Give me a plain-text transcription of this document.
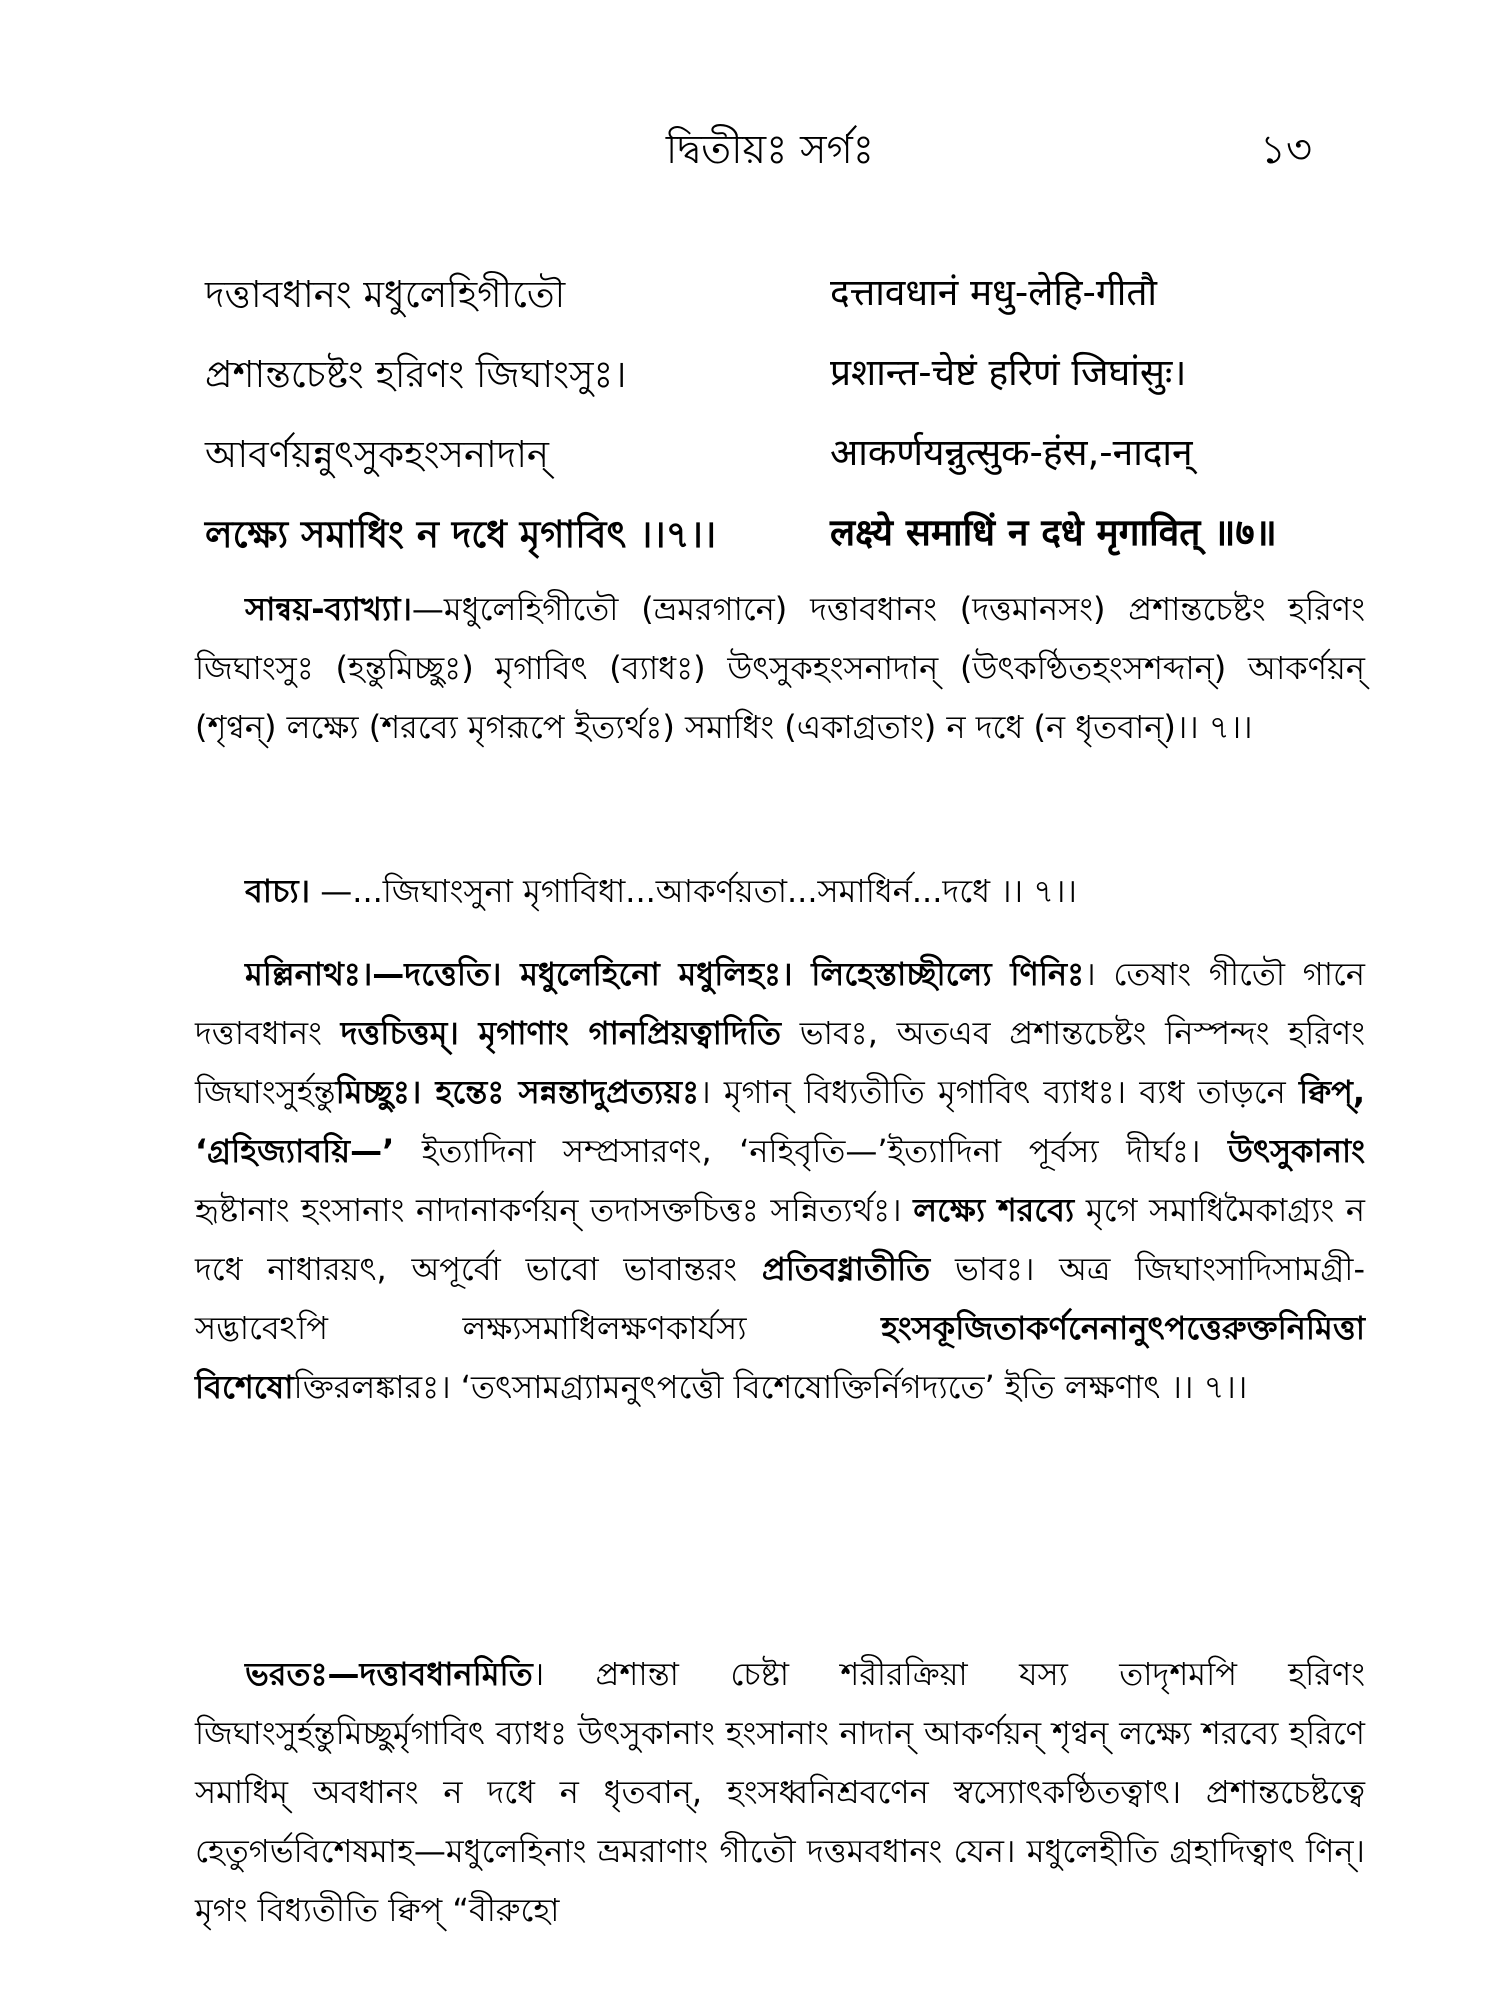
দ্বিতীয়ঃ সর্গঃ	১৩
দত্তাবধানং মধুলেহিগীতৌ	दत्तावधानं मधु-लेहि-गीतौ
প্রশান্তচেষ্টং হরিণং জিঘাংসুঃ।	प्रशान्त-चेष्टं हरिणं जिघांसुः।
আবর্ণয়ন্নুৎসুকহংসনাদান্	आकर्णयन्नुत्सुक-हंस,-नादान्
লক্ষ্যে সমাধিং ন দধে মৃগাবিৎ ।।৭।।	लक्ष्ये समाधिं न दधे मृगावित् ॥७॥

সান্বয়-ব্যাখ্যা।—মধুলেহিগীতৌ (ভ্রমরগানে) দত্তাবধানং (দত্তমানসং) প্রশান্তচেষ্টং হরিণং জিঘাংসুঃ (হন্তুমিচ্ছুঃ) মৃগাবিৎ (ব্যাধঃ) উৎসুকহংসনাদান্ (উৎকণ্ঠিতহংসশব্দান্) আকর্ণয়ন্ (শৃণ্বন্) লক্ষ্যে (শরব্যে মৃগরূপে ইত্যর্থঃ) সমাধিং (একাগ্রতাং) ন দধে (ন ধৃতবান্)।। ৭।।

বাচ্য। —...জিঘাংসুনা মৃগাবিধা...আকর্ণয়তা...সমাধির্ন...দধে ।। ৭।।

মল্লিনাথঃ।—দত্তেতি। মধুলেহিনো মধুলিহঃ। লিহেস্তাচ্ছীল্যে ণিনিঃ। তেষাং গীতৌ গানে দত্তাবধানং দত্তচিত্তম্। মৃগাণাং গানপ্রিয়ত্বাদিতি ভাবঃ, অতএব প্রশান্তচেষ্টং নিস্পন্দং হরিণং জিঘাংসুর্হন্তুমিচ্ছুঃ। হন্তেঃ সন্নন্তাদুপ্রত্যয়ঃ। মৃগান্ বিধ্যতীতি মৃগাবিৎ ব্যাধঃ। ব্যধ তাড়নে ক্বিপ্, ‘গ্রহিজ্যাবয়ি—’ ইত্যাদিনা সম্প্রসারণং, ‘নহিবৃতি—’ইত্যাদিনা পূর্বস্য দীর্ঘঃ। উৎসুকানাং হৃষ্টানাং হংসানাং নাদানাকর্ণয়ন্ তদাসক্তচিত্তঃ সন্নিত্যর্থঃ। লক্ষ্যে শরব্যে মৃগে সমাধিমৈকাগ্র্যং ন দধে নাধারয়ৎ, অপূর্বো ভাবো ভাবান্তরং প্রতিবধ্নাতীতি ভাবঃ। অত্র জিঘাংসাদিসামগ্রী-সদ্ভাবেঽপি লক্ষ্যসমাধিলক্ষণকার্যস্য হংসকূজিতাকর্ণনেনানুৎপত্তেরুক্তনিমিত্তা বিশেষোক্তিরলঙ্কারঃ। ‘তৎসামগ্র্যামনুৎপত্তৌ বিশেষোক্তির্নিগদ্যতে’ ইতি লক্ষণাৎ ।। ৭।।

ভরতঃ—দত্তাবধানমিতি। প্রশান্তা চেষ্টা শরীরক্রিয়া যস্য তাদৃশমপি হরিণং জিঘাংসুর্হন্তুমিচ্ছুর্মৃগাবিৎ ব্যাধঃ উৎসুকানাং হংসানাং নাদান্ আকর্ণয়ন্ শৃণ্বন্ লক্ষ্যে শরব্যে হরিণে সমাধিম্ অবধানং ন দধে ন ধৃতবান্, হংসধ্বনিশ্রবণেন স্বস্যোৎকণ্ঠিতত্বাৎ। প্রশান্তচেষ্টত্বে হেতুগর্ভবিশেষমাহ—মধুলেহিনাং ভ্রমরাণাং গীতৌ দত্তমবধানং যেন। মধুলেহীতি গ্রহাদিত্বাৎ ণিন্। মৃগং বিধ্যতীতি ক্বিপ্ “বীরুহো
